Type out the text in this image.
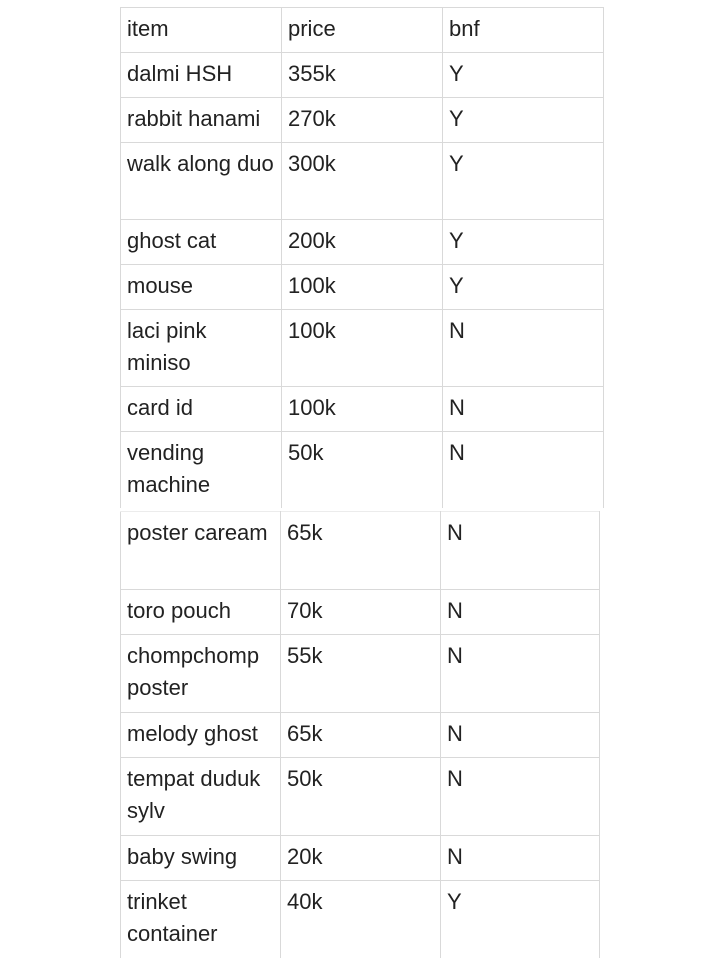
item	price	bnf
dalmi HSH	355k	Y
rabbit hanami	270k	Y
walk along duo	300k	Y
ghost cat	200k	Y
mouse	100k	Y
laci pink miniso	100k	N
card id	100k	N
vending machine	50k	N
poster caream	65k	N
toro pouch	70k	N
chompchomp poster	55k	N
melody ghost	65k	N
tempat duduk sylv	50k	N
baby swing	20k	N
trinket container	40k	Y
